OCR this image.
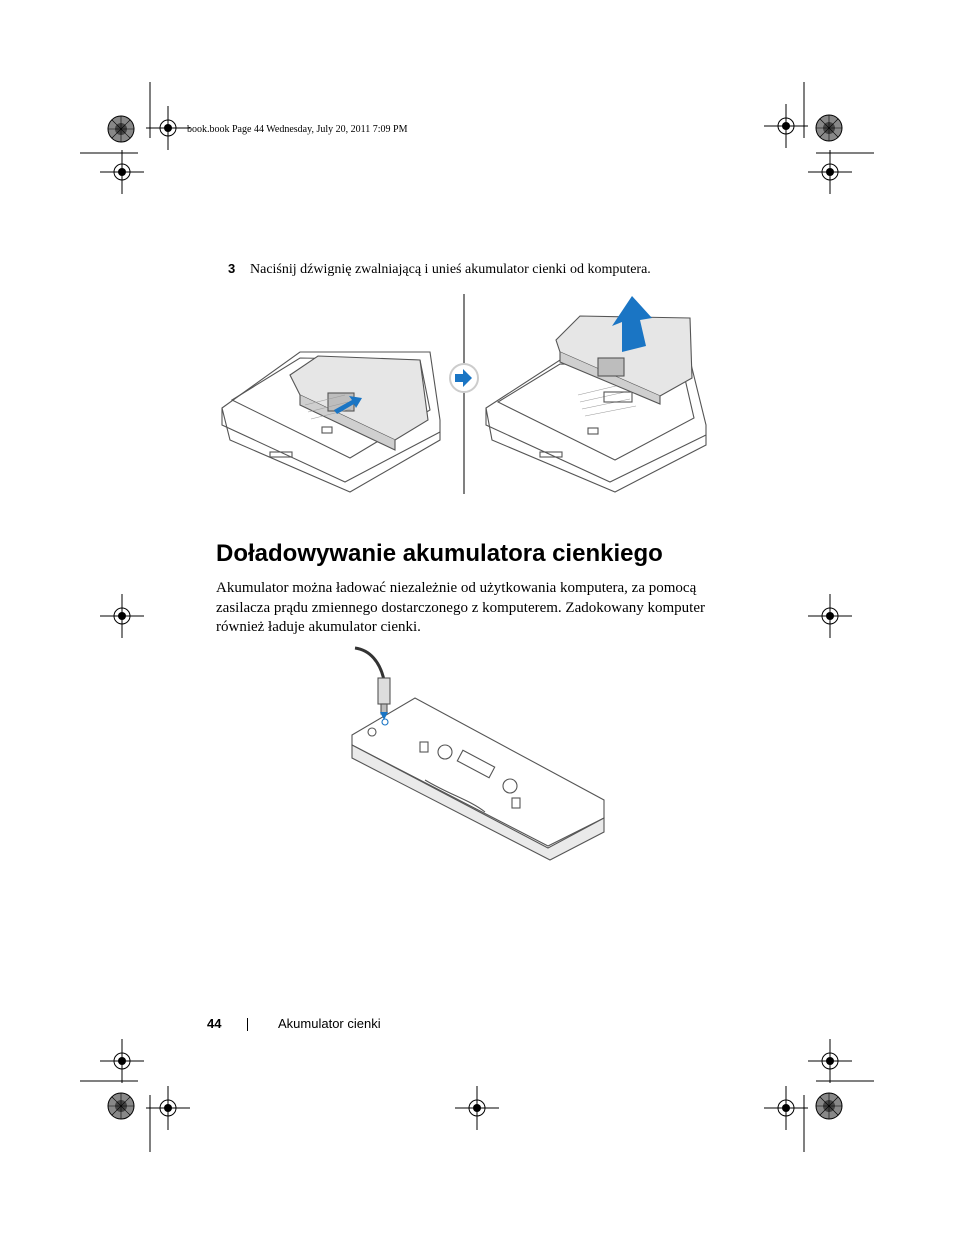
book.book Page 44 Wednesday, July 20, 2011 7:09 PM
3 Naciśnij dźwignię zwalniającą i unieś akumulator cienki od komputera.
Doładowywanie akumulatora cienkiego
Akumulator można ładować niezależnie od użytkowania komputera, za pomocą zasilacza prądu zmiennego dostarczonego z komputerem. Zadokowany komputer również ładuje akumulator cienki.
44	Akumulator cienki
